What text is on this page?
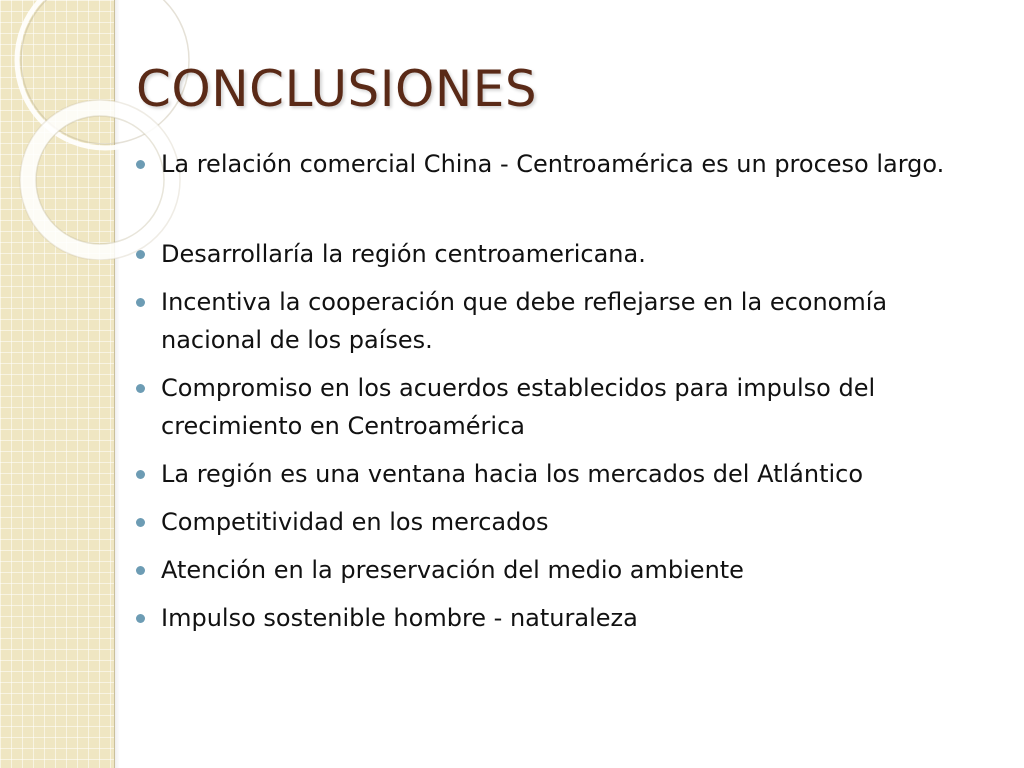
CONCLUSIONES
La relación comercial China - Centroamérica es un proceso largo.
Desarrollaría la región centroamericana.
Incentiva la cooperación que debe reflejarse en la economía nacional de los países.
Compromiso en los acuerdos establecidos para impulso del crecimiento en Centroamérica
La región es una ventana hacia los mercados del Atlántico
Competitividad en los mercados
Atención en la preservación del medio ambiente
Impulso sostenible hombre - naturaleza
